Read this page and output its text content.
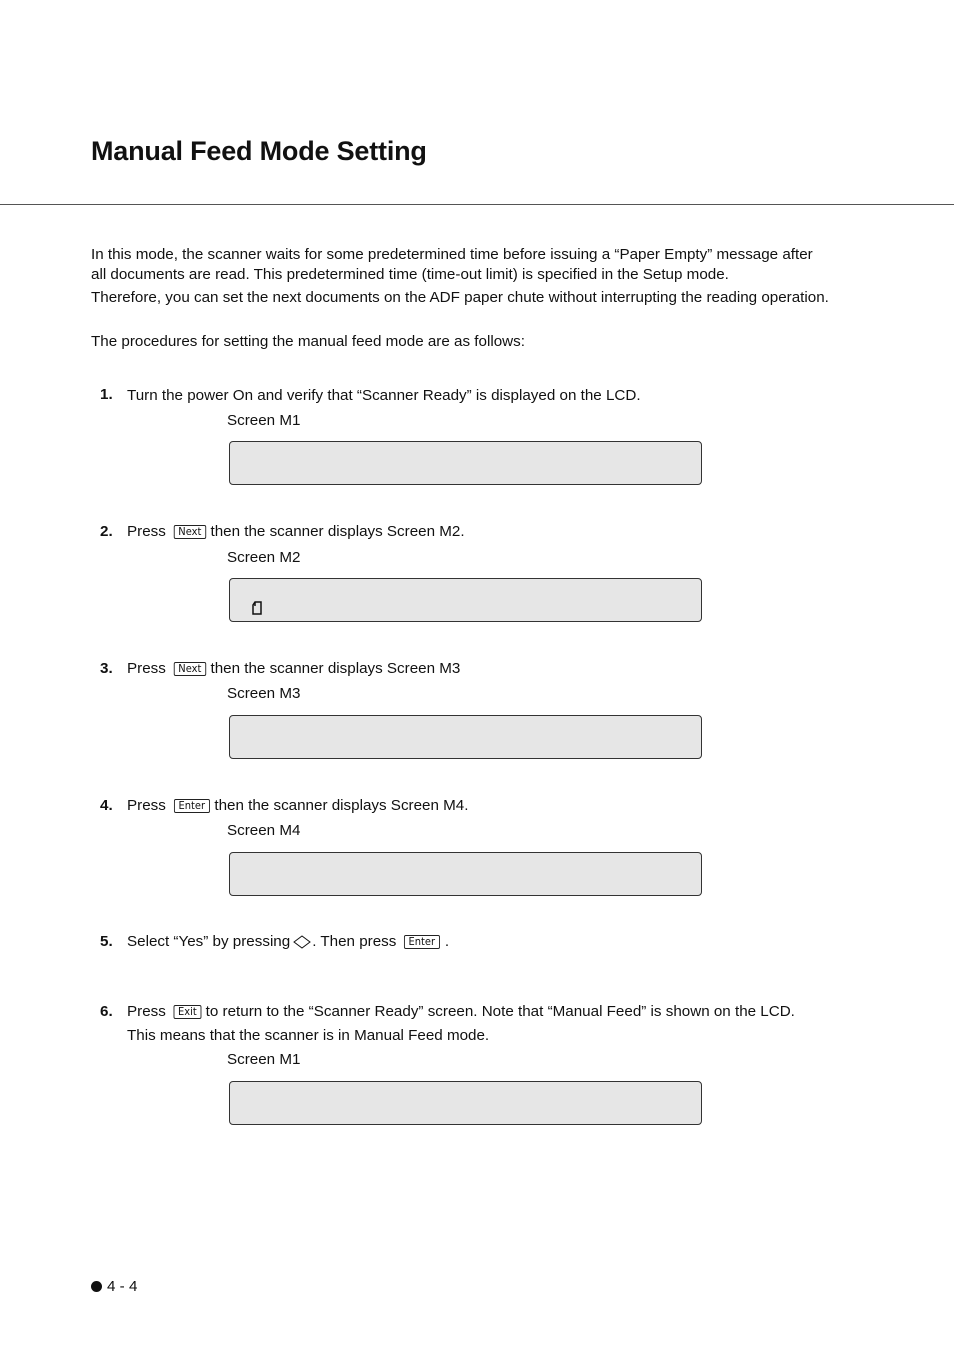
Manual Feed Mode Setting
In this mode, the scanner waits for some predetermined time before issuing a “Paper Empty” message after all documents are read. This predetermined time (time-out limit) is specified in the Setup mode.
Therefore, you can set the next documents on the ADF paper chute without interrupting the reading operation.
The procedures for setting the manual feed mode are as follows:
1. Turn the power On and verify that “Scanner Ready” is displayed on the LCD.
Screen M1
2. Press Next then the scanner displays Screen M2.
Screen M2
3. Press Next then the scanner displays Screen M3
Screen M3
4. Press Enter then the scanner displays Screen M4.
Screen M4
5. Select “Yes” by pressing . Then press Enter .
6. Press Exit to return to the “Scanner Ready” screen. Note that “Manual Feed” is shown on the LCD.
This means that the scanner is in Manual Feed mode.
Screen M1
4 - 4
